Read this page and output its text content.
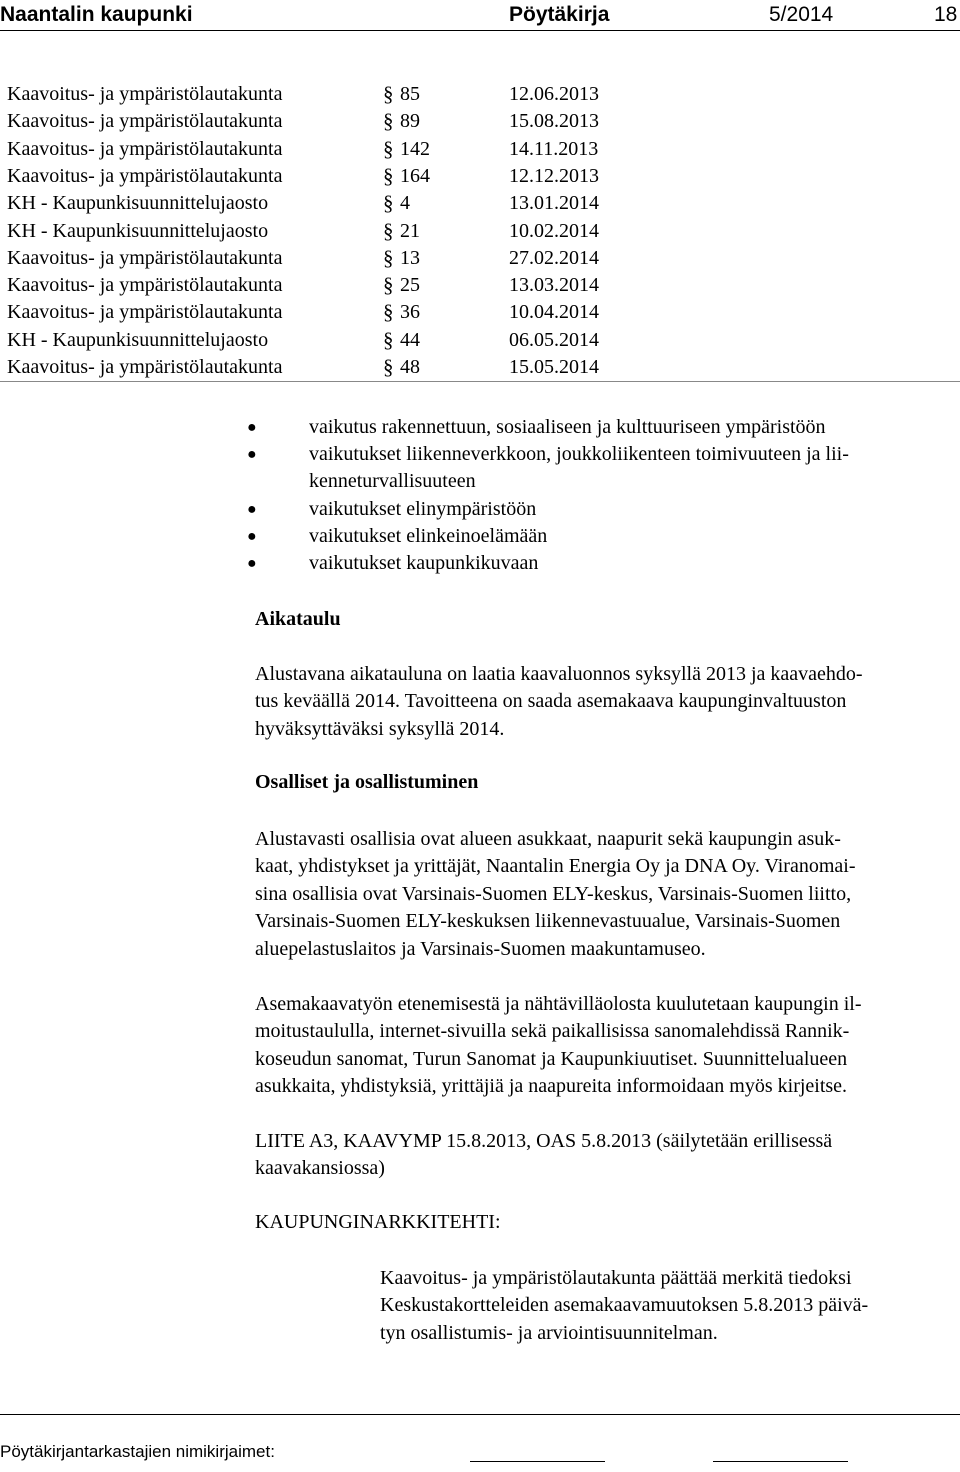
Naantalin kaupunki	Pöytäkirja	5/2014	18
Kaavoitus- ja ympäristölautakunta	§ 85	12.06.2013
Kaavoitus- ja ympäristölautakunta	§ 89	15.08.2013
Kaavoitus- ja ympäristölautakunta	§ 142	14.11.2013
Kaavoitus- ja ympäristölautakunta	§ 164	12.12.2013
KH - Kaupunkisuunnittelujaosto	§ 4	13.01.2014
KH - Kaupunkisuunnittelujaosto	§ 21	10.02.2014
Kaavoitus- ja ympäristölautakunta	§ 13	27.02.2014
Kaavoitus- ja ympäristölautakunta	§ 25	13.03.2014
Kaavoitus- ja ympäristölautakunta	§ 36	10.04.2014
KH - Kaupunkisuunnittelujaosto	§ 44	06.05.2014
Kaavoitus- ja ympäristölautakunta	§ 48	15.05.2014
●	vaikutus rakennettuun, sosiaaliseen ja kulttuuriseen ympäristöön
●	vaikutukset liikenneverkkoon, joukkoliikenteen toimivuuteen ja lii-
kenneturvallisuuteen
●	vaikutukset elinympäristöön
●	vaikutukset elinkeinoelämään
●	vaikutukset kaupunkikuvaan
Aikataulu
Alustavana aikatauluna on laatia kaavaluonnos syksyllä 2013 ja kaavaehdo-
tus keväällä 2014. Tavoitteena on saada asemakaava kaupunginvaltuuston
hyväksyttäväksi syksyllä 2014.
Osalliset ja osallistuminen
Alustavasti osallisia ovat alueen asukkaat, naapurit sekä kaupungin asuk-
kaat, yhdistykset ja yrittäjät, Naantalin Energia Oy ja DNA Oy. Viranomai-
sina osallisia ovat Varsinais-Suomen ELY-keskus, Varsinais-Suomen liitto,
Varsinais-Suomen ELY-keskuksen liikennevastuualue, Varsinais-Suomen
aluepelastuslaitos ja Varsinais-Suomen maakuntamuseo.
Asemakaavatyön etenemisestä ja nähtävilläolosta kuulutetaan kaupungin il-
moitustaululla, internet-sivuilla sekä paikallisissa sanomalehdissä Rannik-
koseudun sanomat, Turun Sanomat ja Kaupunkiuutiset. Suunnittelualueen
asukkaita, yhdistyksiä, yrittäjiä ja naapureita informoidaan myös kirjeitse.
LIITE A3, KAAVYMP 15.8.2013, OAS 5.8.2013 (säilytetään erillisessä
kaavakansiossa)
KAUPUNGINARKKITEHTI:
Kaavoitus- ja ympäristölautakunta päättää merkitä tiedoksi
Keskustakortteleiden asemakaavamuutoksen 5.8.2013 päivä-
tyn osallistumis- ja arviointisuunnitelman.
Pöytäkirjantarkastajien nimikirjaimet:
